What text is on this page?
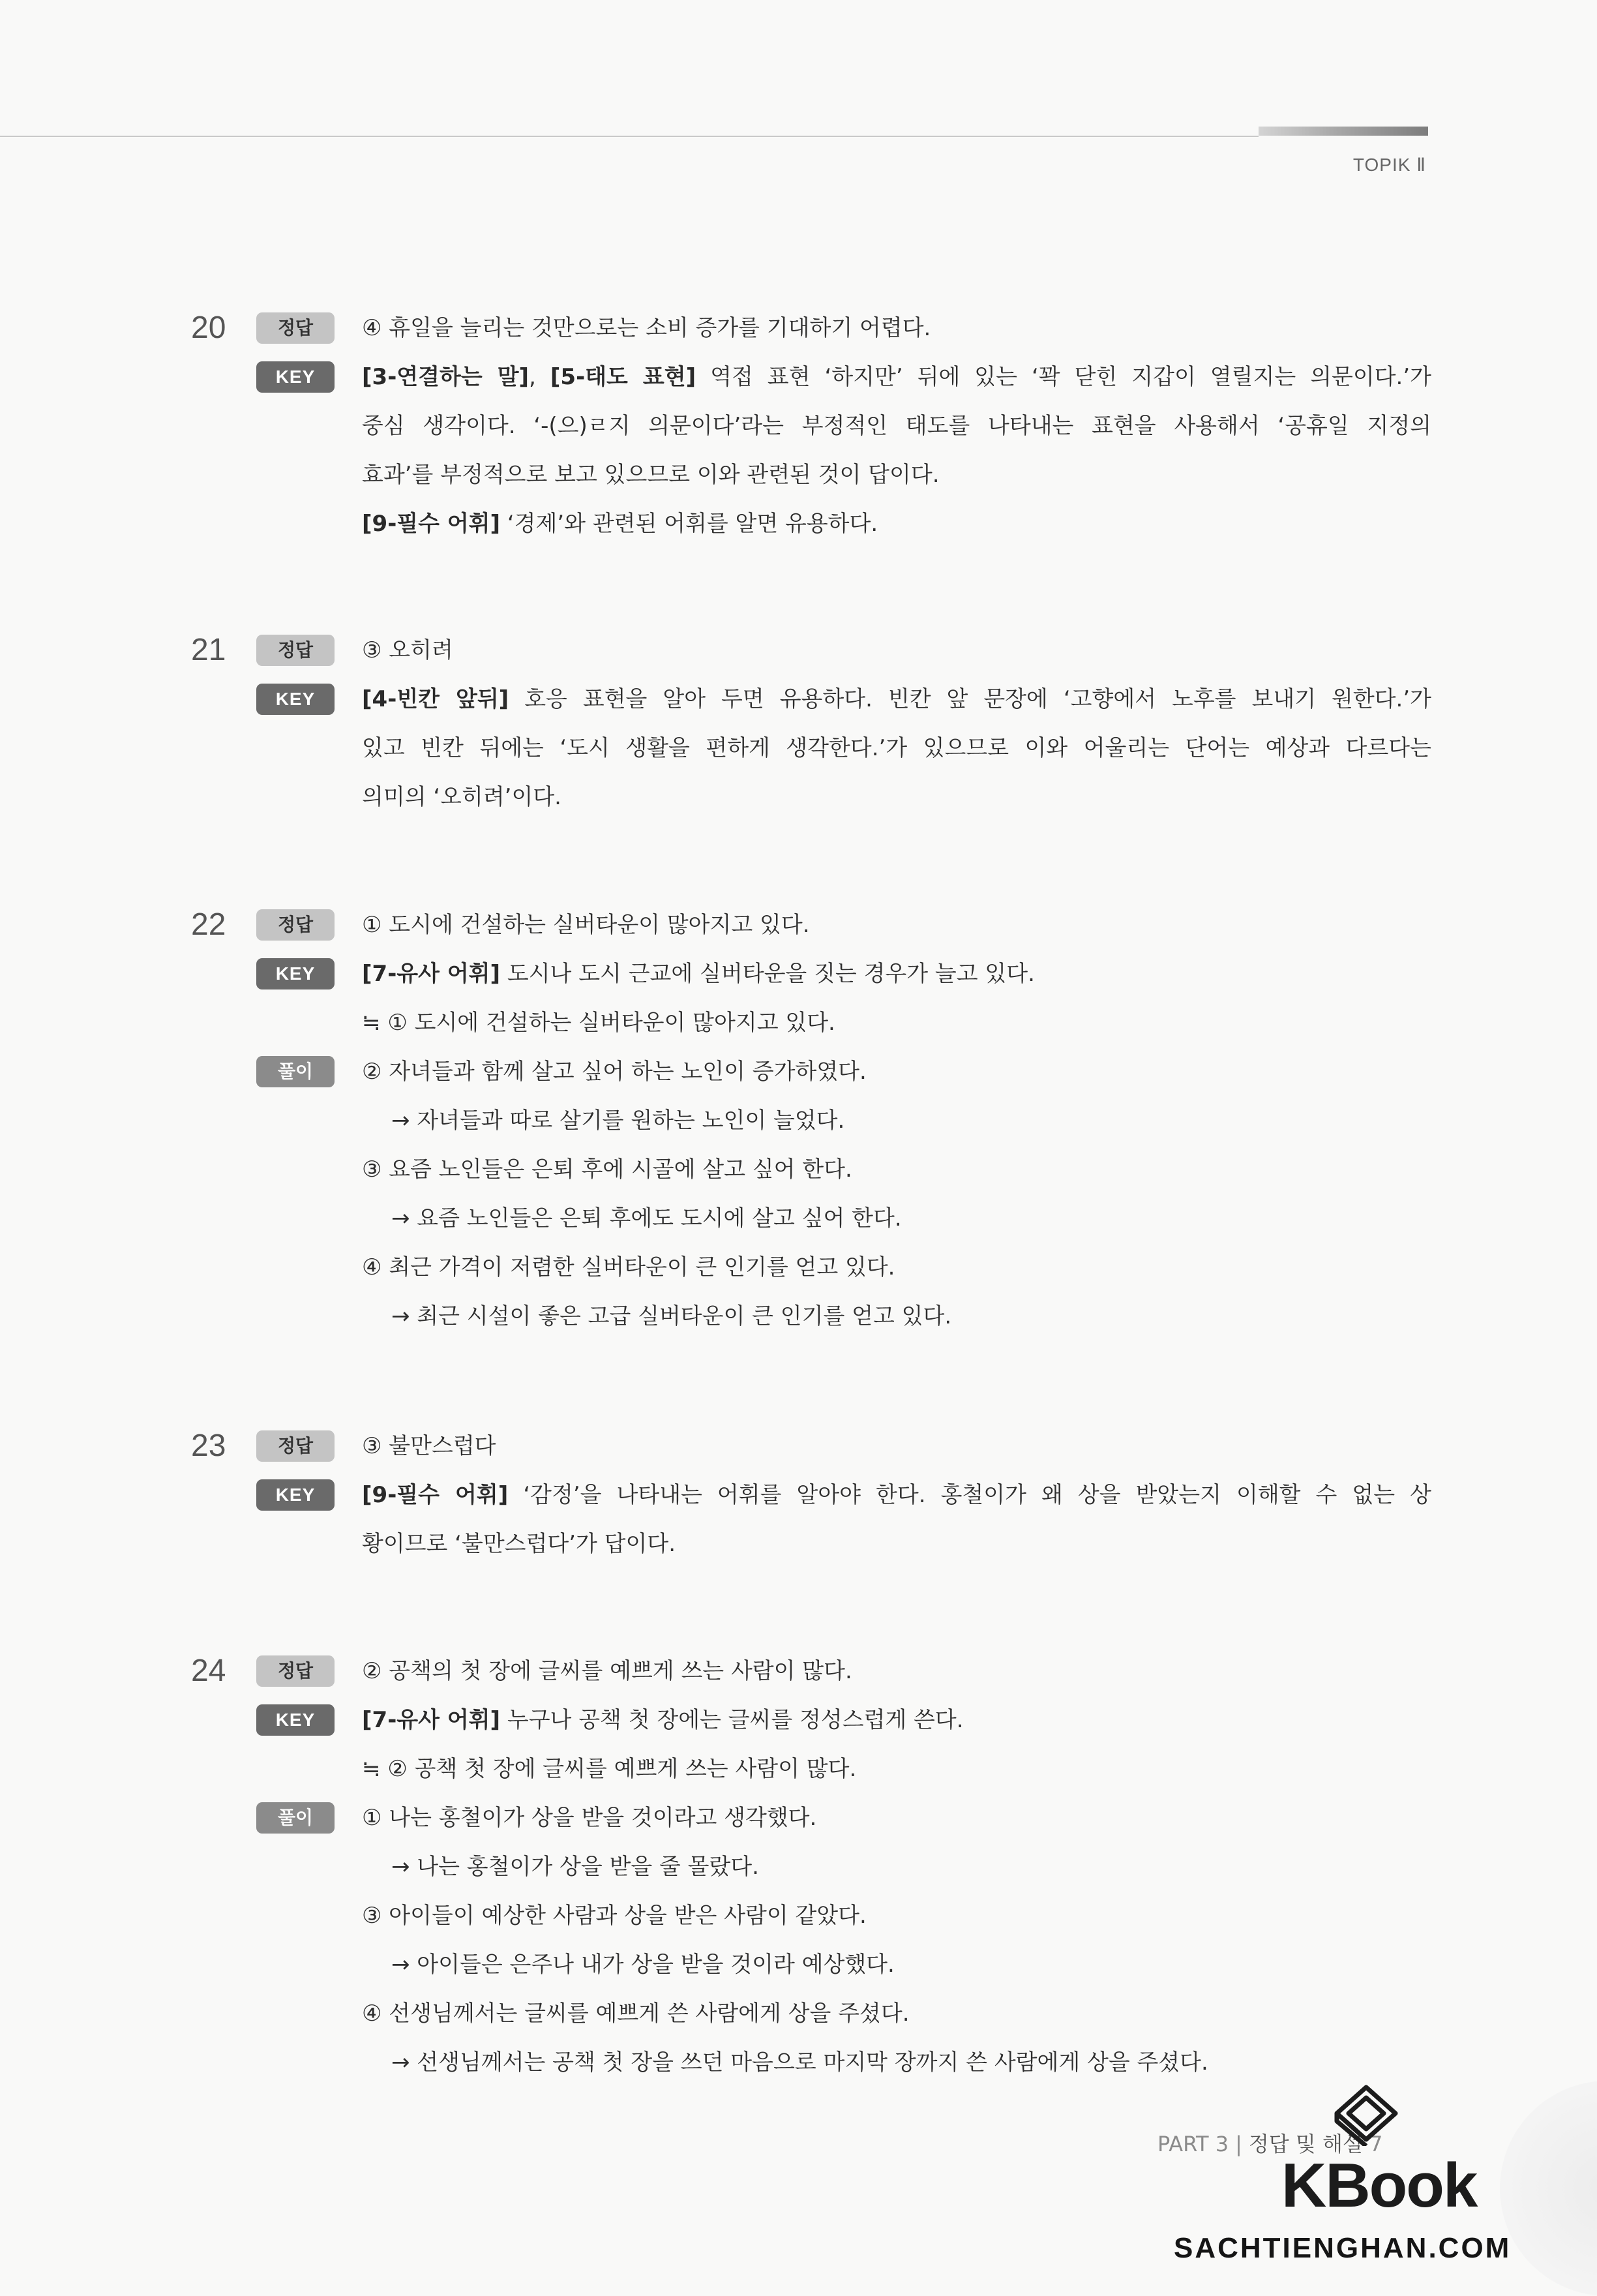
TOPIK Ⅱ
20	정답	④ 휴일을 늘리는 것만으로는 소비 증가를 기대하기 어렵다.
KEY	[3-연결하는 말], [5-태도 표현] 역접 표현 ‘하지만’ 뒤에 있는 ‘꽉 닫힌 지갑이 열릴지는 의문이다.’가
중심 생각이다. ‘-(으)ㄹ지 의문이다’라는 부정적인 태도를 나타내는 표현을 사용해서 ‘공휴일 지정의
효과’를 부정적으로 보고 있으므로 이와 관련된 것이 답이다.
[9-필수 어휘] ‘경제’와 관련된 어휘를 알면 유용하다.
21	정답	③ 오히려
KEY	[4-빈칸 앞뒤] 호응 표현을 알아 두면 유용하다. 빈칸 앞 문장에 ‘고향에서 노후를 보내기 원한다.’가
있고 빈칸 뒤에는 ‘도시 생활을 편하게 생각한다.’가 있으므로 이와 어울리는 단어는 예상과 다르다는
의미의 ‘오히려’이다.
22	정답	① 도시에 건설하는 실버타운이 많아지고 있다.
KEY	[7-유사 어휘] 도시나 도시 근교에 실버타운을 짓는 경우가 늘고 있다.
≒ ① 도시에 건설하는 실버타운이 많아지고 있다.
풀이	② 자녀들과 함께 살고 싶어 하는 노인이 증가하였다.
→ 자녀들과 따로 살기를 원하는 노인이 늘었다.
③ 요즘 노인들은 은퇴 후에 시골에 살고 싶어 한다.
→ 요즘 노인들은 은퇴 후에도 도시에 살고 싶어 한다.
④ 최근 가격이 저렴한 실버타운이 큰 인기를 얻고 있다.
→ 최근 시설이 좋은 고급 실버타운이 큰 인기를 얻고 있다.
23	정답	③ 불만스럽다
KEY	[9-필수 어휘] ‘감정’을 나타내는 어휘를 알아야 한다. 홍철이가 왜 상을 받았는지 이해할 수 없는 상
황이므로 ‘불만스럽다’가 답이다.
24	정답	② 공책의 첫 장에 글씨를 예쁘게 쓰는 사람이 많다.
KEY	[7-유사 어휘] 누구나 공책 첫 장에는 글씨를 정성스럽게 쓴다.
≒ ② 공책 첫 장에 글씨를 예쁘게 쓰는 사람이 많다.
풀이	① 나는 홍철이가 상을 받을 것이라고 생각했다.
→ 나는 홍철이가 상을 받을 줄 몰랐다.
③ 아이들이 예상한 사람과 상을 받은 사람이 같았다.
→ 아이들은 은주나 내가 상을 받을 것이라 예상했다.
④ 선생님께서는 글씨를 예쁘게 쓴 사람에게 상을 주셨다.
→ 선생님께서는 공책 첫 장을 쓰던 마음으로 마지막 장까지 쓴 사람에게 상을 주셨다.
PART 3 | 정답 및 해설 7
KBook
SACHTIENGHAN.COM
